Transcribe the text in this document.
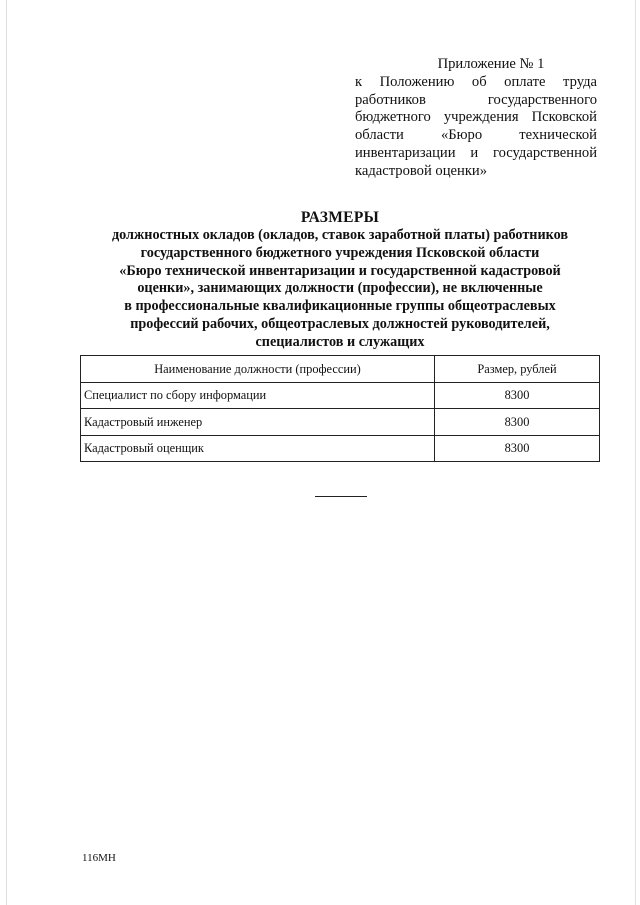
Приложение № 1
к Положению об оплате труда
работников государственного
бюджетного учреждения Псковской
области «Бюро технической
инвентаризации и государственной
кадастровой оценки»
РАЗМЕРЫ
должностных окладов (окладов, ставок заработной платы) работников
государственного бюджетного учреждения Псковской области
«Бюро технической инвентаризации и государственной кадастровой
оценки», занимающих должности (профессии), не включенные
в профессиональные квалификационные группы общеотраслевых
профессий рабочих, общеотраслевых должностей руководителей,
специалистов и служащих
Наименование должности (профессии)	Размер, рублей
Специалист по сбору информации	8300
Кадастровый инженер	8300
Кадастровый оценщик	8300
116МН
